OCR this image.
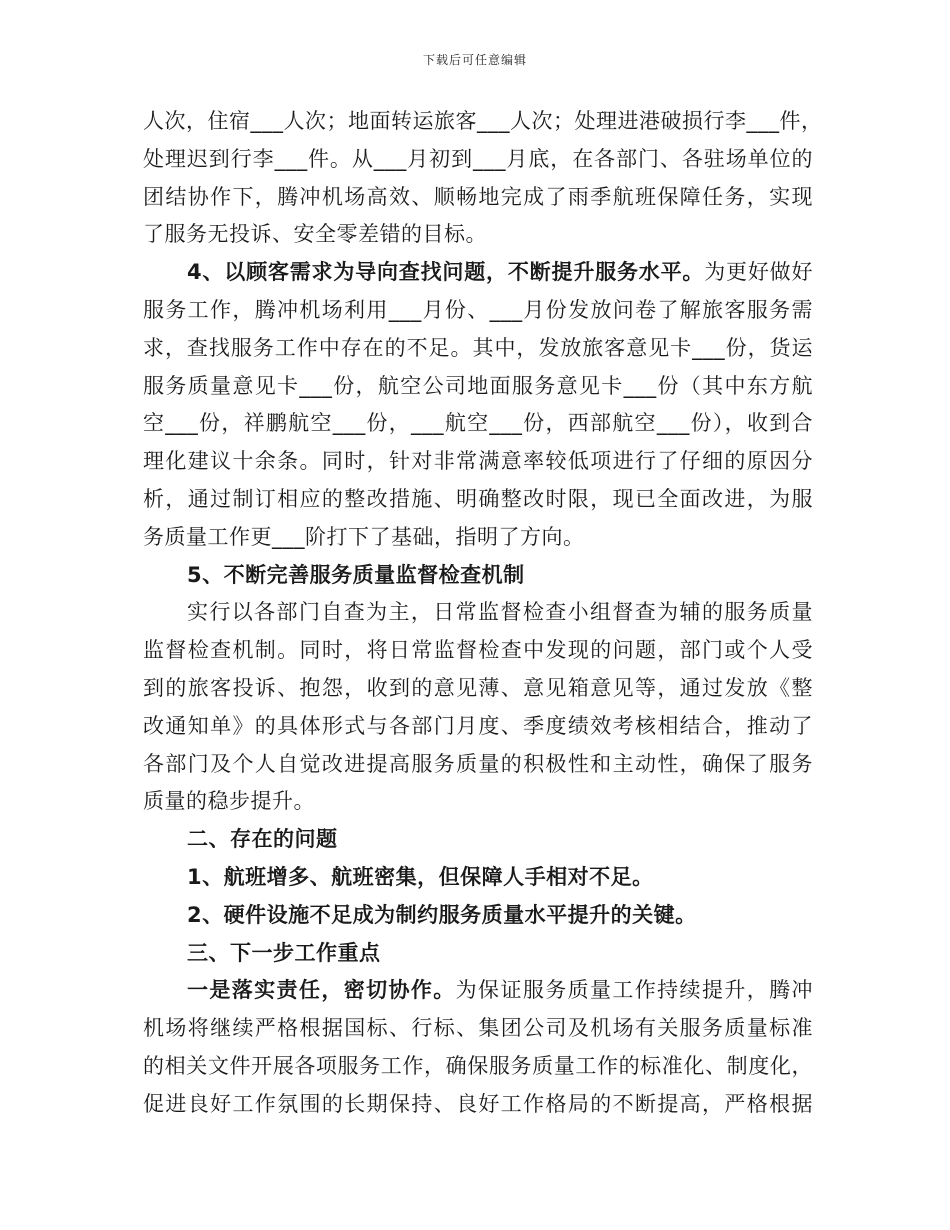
下载后可任意编辑
人次，住宿___人次；地面转运旅客___人次；处理进港破损行李___件，
处理迟到行李___件。从___月初到___月底，在各部门、各驻场单位的
团结协作下，腾冲机场高效、顺畅地完成了雨季航班保障任务，实现
了服务无投诉、安全零差错的目标。
4、以顾客需求为导向查找问题，不断提升服务水平。为更好做好
服务工作，腾冲机场利用___月份、___月份发放问卷了解旅客服务需
求，查找服务工作中存在的不足。其中，发放旅客意见卡___份，货运
服务质量意见卡___份，航空公司地面服务意见卡___份（其中东方航
空___份，祥鹏航空___份，___航空___份，西部航空___份），收到合
理化建议十余条。同时，针对非常满意率较低项进行了仔细的原因分
析，通过制订相应的整改措施、明确整改时限，现已全面改进，为服
务质量工作更___阶打下了基础，指明了方向。
5、不断完善服务质量监督检查机制
实行以各部门自查为主，日常监督检查小组督查为辅的服务质量
监督检查机制。同时，将日常监督检查中发现的问题，部门或个人受
到的旅客投诉、抱怨，收到的意见薄、意见箱意见等，通过发放《整
改通知单》的具体形式与各部门月度、季度绩效考核相结合，推动了
各部门及个人自觉改进提高服务质量的积极性和主动性，确保了服务
质量的稳步提升。
二、存在的问题
1、航班增多、航班密集，但保障人手相对不足。
2、硬件设施不足成为制约服务质量水平提升的关键。
三、下一步工作重点
一是落实责任，密切协作。为保证服务质量工作持续提升，腾冲
机场将继续严格根据国标、行标、集团公司及机场有关服务质量标准
的相关文件开展各项服务工作，确保服务质量工作的标准化、制度化，
促进良好工作氛围的长期保持、良好工作格局的不断提高，严格根据
